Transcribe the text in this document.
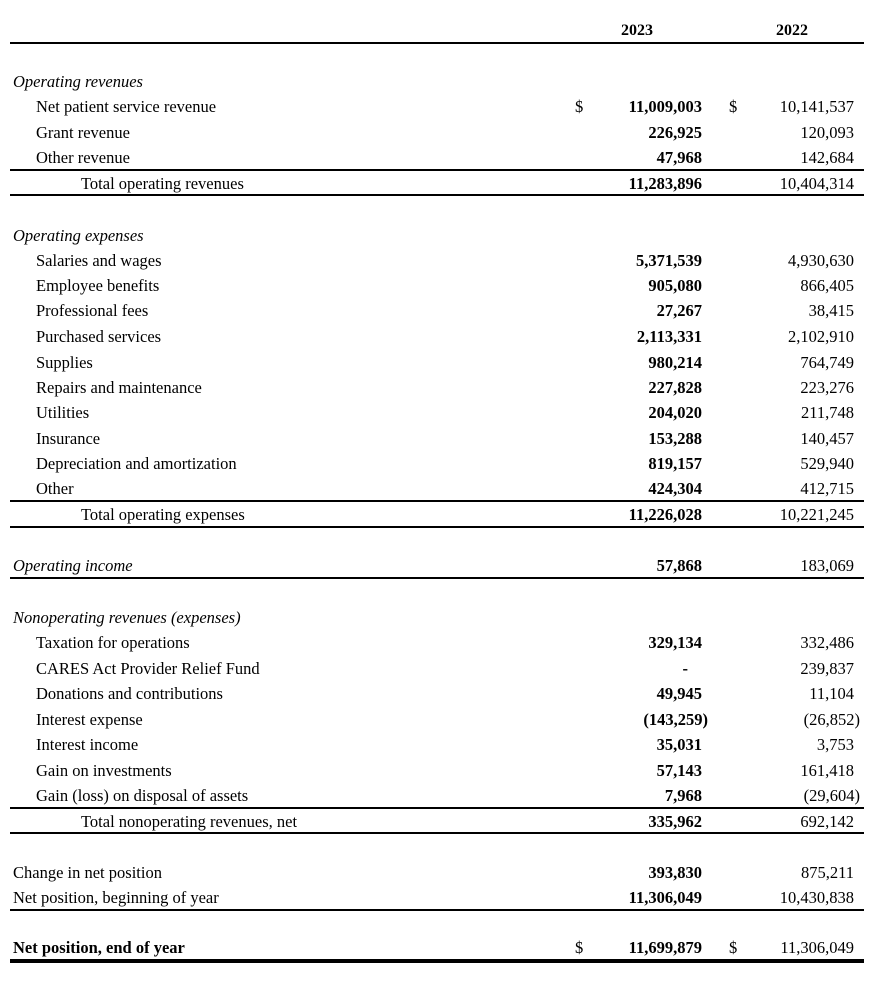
2023	2022
Operating revenues
Net patient service revenue	$	11,009,003 $	10,141,537
Grant revenue	226,925	120,093
Other revenue	47,968	142,684
Total operating revenues	11,283,896	10,404,314
Operating expenses
Salaries and wages	5,371,539	4,930,630
Employee benefits	905,080	866,405
Professional fees	27,267	38,415
Purchased services	2,113,331	2,102,910
Supplies	980,214	764,749
Repairs and maintenance	227,828	223,276
Utilities	204,020	211,748
Insurance	153,288	140,457
Depreciation and amortization	819,157	529,940
Other	424,304	412,715
Total operating expenses	11,226,028	10,221,245
Operating income	57,868	183,069
Nonoperating revenues (expenses)
Taxation for operations	329,134	332,486
CARES Act Provider Relief Fund	-	239,837
Donations and contributions	49,945	11,104
Interest expense	(143,259)	(26,852)
Interest income	35,031	3,753
Gain on investments	57,143	161,418
Gain (loss) on disposal of assets	7,968	(29,604)
Total nonoperating revenues, net	335,962	692,142
Change in net position	393,830	875,211
Net position, beginning of year	11,306,049	10,430,838
Net position, end of year	$	11,699,879 $	11,306,049
